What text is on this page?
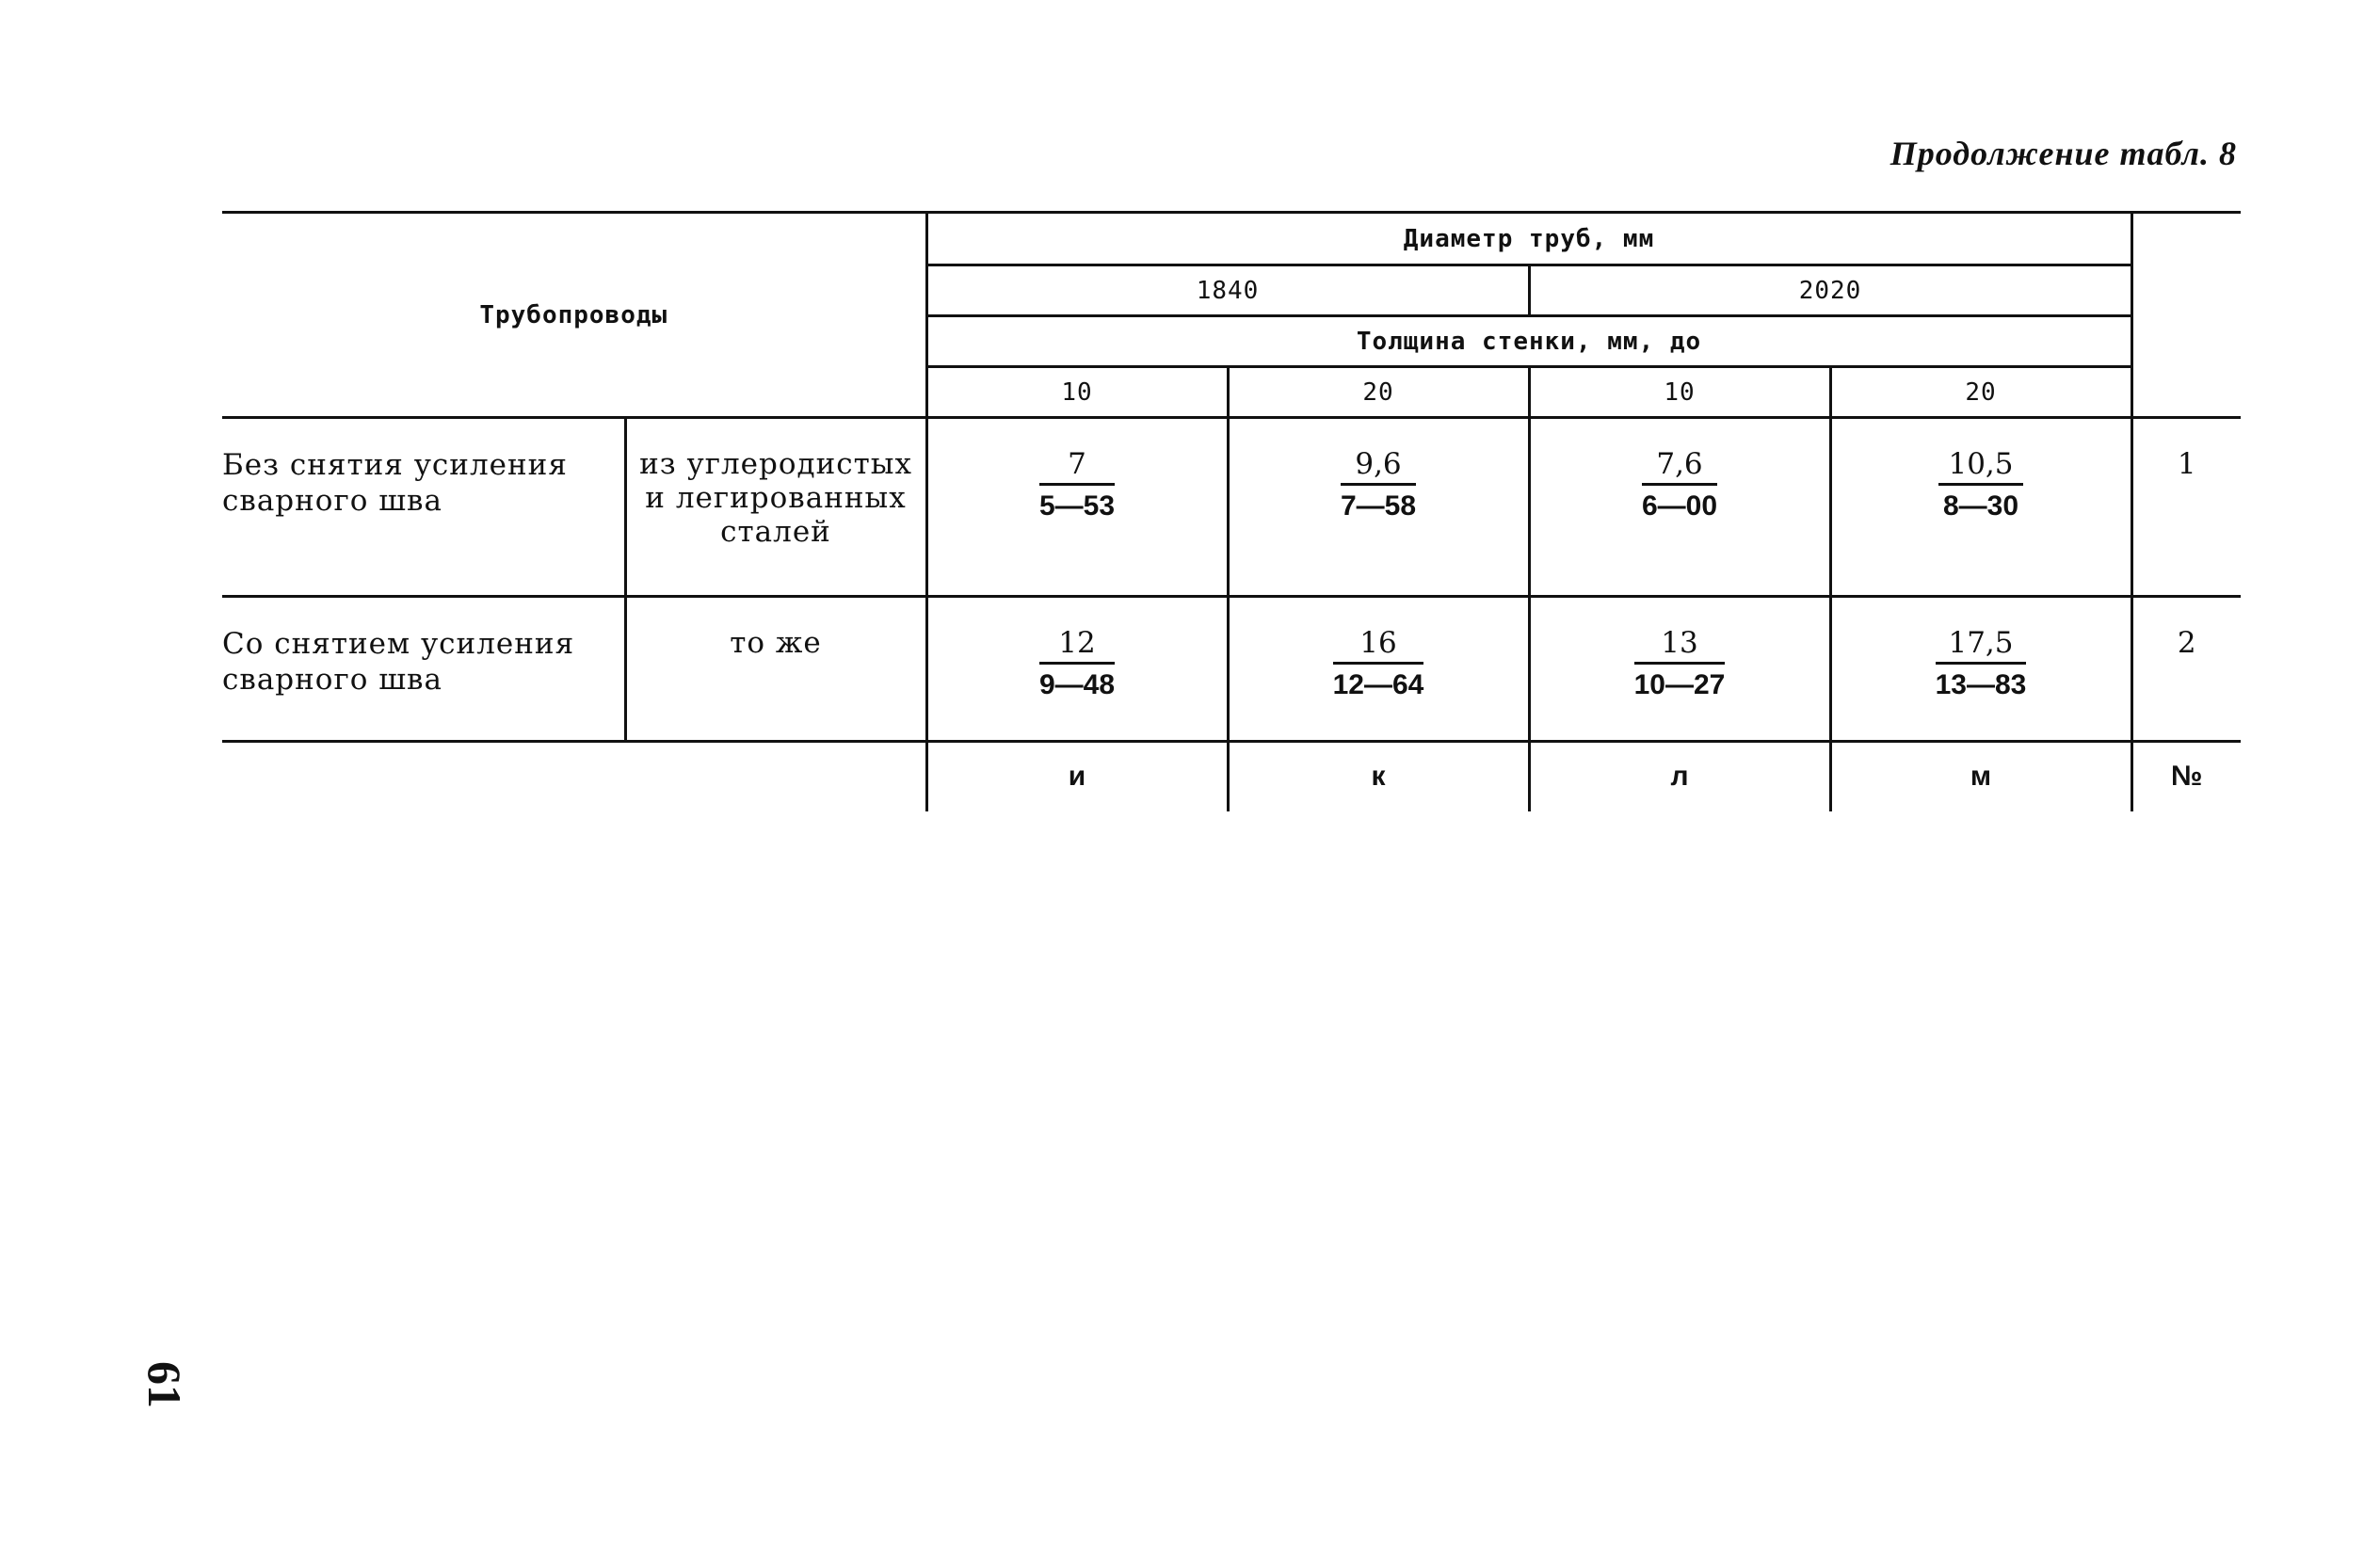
Продолжение табл. 8
Трубопроводы		Диаметр труб, мм				
		1840		2020		
		Толщина стенки, мм, до				
		10	20	10	20	
Без снятия усиления сварного шва	из углеродистых и легированных сталей	$\frac{7}{5—53}$	$\frac{9,6}{7—58}$	$\frac{7,6}{6—00}$	$\frac{10,5}{8—30}$	1
Со снятием усиления сварного шва	то же	$\frac{12}{9—48}$	$\frac{16}{12—64}$	$\frac{13}{10—27}$	$\frac{17,5}{13—83}$	2
		и	к	л	м	№
61
